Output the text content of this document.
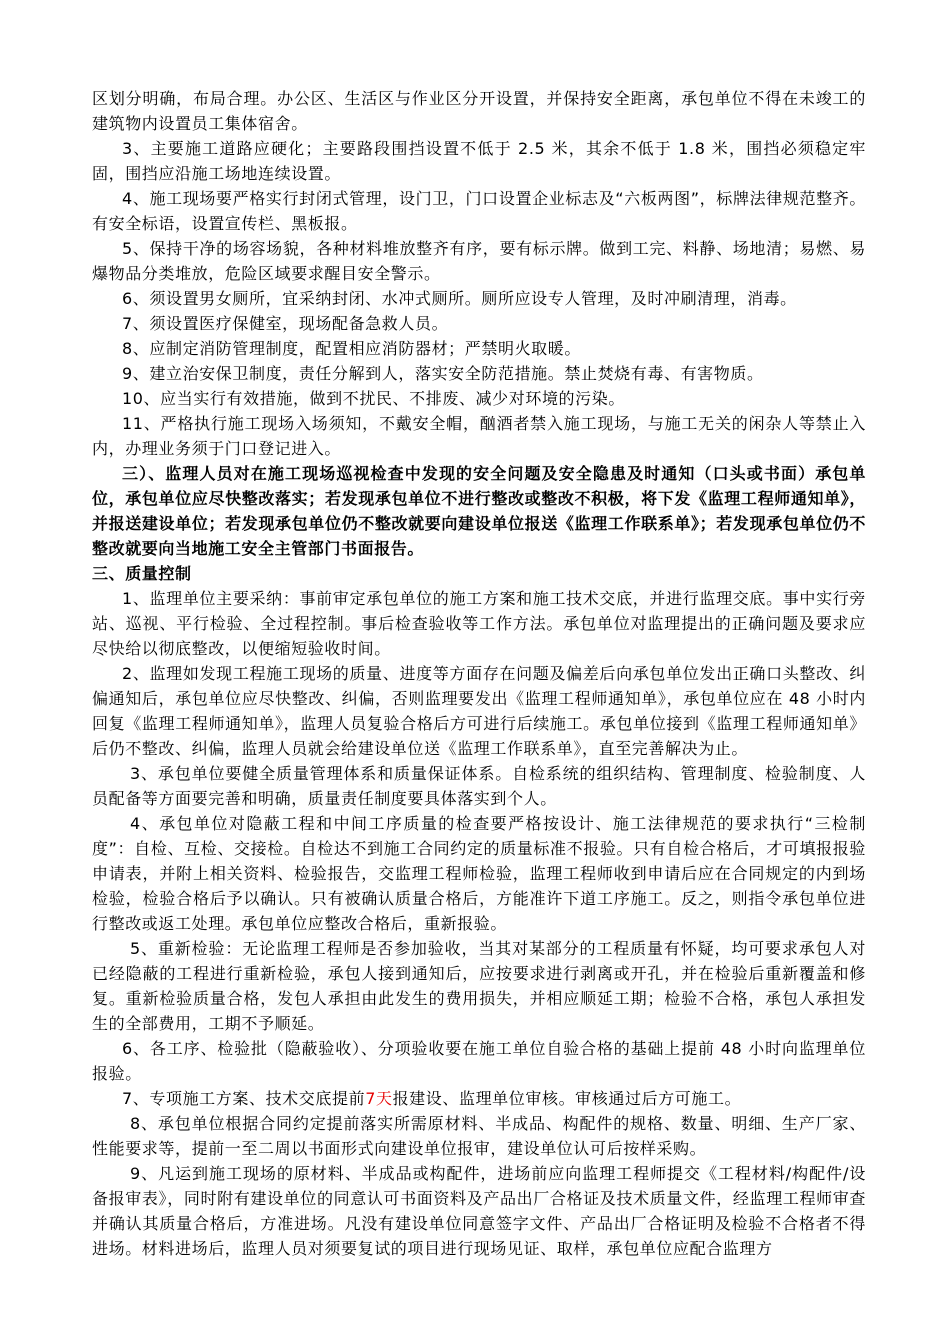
区划分明确，布局合理。办公区、生活区与作业区分开设置，并保持安全距离，承包单位不得在未竣工的建筑物内设置员工集体宿舍。

3、主要施工道路应硬化；主要路段围挡设置不低于 2.5 米，其余不低于 1.8 米，围挡必须稳定牢固，围挡应沿施工场地连续设置。

4、施工现场要严格实行封闭式管理，设门卫，门口设置企业标志及“六板两图”，标牌法律规范整齐。有安全标语，设置宣传栏、黑板报。

5、保持干净的场容场貌，各种材料堆放整齐有序，要有标示牌。做到工完、料静、场地清；易燃、易爆物品分类堆放，危险区域要求醒目安全警示。

6、须设置男女厕所，宜采纳封闭、水冲式厕所。厕所应设专人管理，及时冲刷清理，消毒。

7、须设置医疗保健室，现场配备急救人员。

8、应制定消防管理制度，配置相应消防器材；严禁明火取暖。

9、建立治安保卫制度，责任分解到人，落实安全防范措施。禁止焚烧有毒、有害物质。

10、应当实行有效措施，做到不扰民、不排废、减少对环境的污染。

11、严格执行施工现场入场须知，不戴安全帽，酗酒者禁入施工现场，与施工无关的闲杂人等禁止入内，办理业务须于门口登记进入。

三）、监理人员对在施工现场巡视检查中发现的安全问题及安全隐患及时通知（口头或书面）承包单位，承包单位应尽快整改落实；若发现承包单位不进行整改或整改不积极，将下发《监理工程师通知单》，并报送建设单位；若发现承包单位仍不整改就要向建设单位报送《监理工作联系单》；若发现承包单位仍不整改就要向当地施工安全主管部门书面报告。

三、质量控制

1、监理单位主要采纳：事前审定承包单位的施工方案和施工技术交底，并进行监理交底。事中实行旁站、巡视、平行检验、全过程控制。事后检查验收等工作方法。承包单位对监理提出的正确问题及要求应尽快给以彻底整改，以便缩短验收时间。

2、监理如发现工程施工现场的质量、进度等方面存在问题及偏差后向承包单位发出正确口头整改、纠偏通知后，承包单位应尽快整改、纠偏，否则监理要发出《监理工程师通知单》，承包单位应在 48 小时内回复《监理工程师通知单》，监理人员复验合格后方可进行后续施工。承包单位接到《监理工程师通知单》后仍不整改、纠偏，监理人员就会给建设单位送《监理工作联系单》，直至完善解决为止。

3、承包单位要健全质量管理体系和质量保证体系。自检系统的组织结构、管理制度、检验制度、人员配备等方面要完善和明确，质量责任制度要具体落实到个人。

4、承包单位对隐蔽工程和中间工序质量的检查要严格按设计、施工法律规范的要求执行“三检制度”：自检、互检、交接检。自检达不到施工合同约定的质量标准不报验。只有自检合格后，才可填报报验申请表，并附上相关资料、检验报告，交监理工程师检验，监理工程师收到申请后应在合同规定的内到场检验，检验合格后予以确认。只有被确认质量合格后，方能准许下道工序施工。反之，则指令承包单位进行整改或返工处理。承包单位应整改合格后，重新报验。

5、重新检验：无论监理工程师是否参加验收，当其对某部分的工程质量有怀疑，均可要求承包人对已经隐蔽的工程进行重新检验，承包人接到通知后，应按要求进行剥离或开孔，并在检验后重新覆盖和修复。重新检验质量合格，发包人承担由此发生的费用损失，并相应顺延工期；检验不合格，承包人承担发生的全部费用，工期不予顺延。

6、各工序、检验批（隐蔽验收）、分项验收要在施工单位自验合格的基础上提前 48 小时向监理单位报验。

7、专项施工方案、技术交底提前7天报建设、监理单位审核。审核通过后方可施工。

8、承包单位根据合同约定提前落实所需原材料、半成品、构配件的规格、数量、明细、生产厂家、性能要求等，提前一至二周以书面形式向建设单位报审，建设单位认可后按样采购。

9、凡运到施工现场的原材料、半成品或构配件，进场前应向监理工程师提交《工程材料/构配件/设备报审表》，同时附有建设单位的同意认可书面资料及产品出厂合格证及技术质量文件，经监理工程师审查并确认其质量合格后，方准进场。凡没有建设单位同意签字文件、产品出厂合格证明及检验不合格者不得进场。材料进场后，监理人员对须要复试的项目进行现场见证、取样，承包单位应配合监理方
